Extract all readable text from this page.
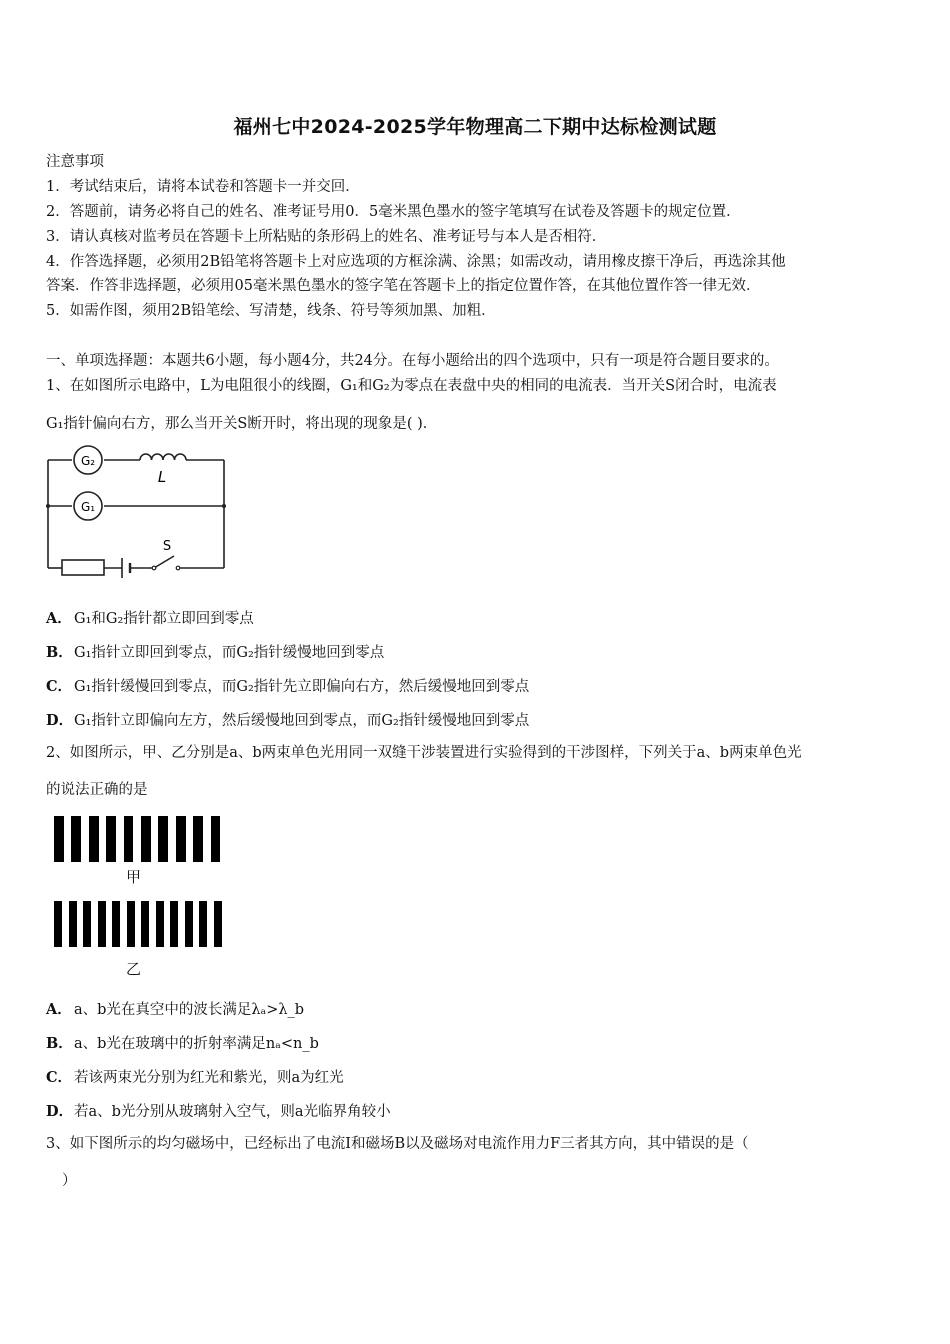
福州七中2024-2025学年物理高二下期中达标检测试题
注意事项
1．考试结束后，请将本试卷和答题卡一并交回．
2．答题前，请务必将自己的姓名、准考证号用0．5毫米黑色墨水的签字笔填写在试卷及答题卡的规定位置．
3．请认真核对监考员在答题卡上所粘贴的条形码上的姓名、准考证号与本人是否相符．
4．作答选择题，必须用2B铅笔将答题卡上对应选项的方框涂满、涂黑；如需改动，请用橡皮擦干净后，再选涂其他
答案．作答非选择题，必须用05毫米黑色墨水的签字笔在答题卡上的指定位置作答，在其他位置作答一律无效．
5．如需作图，须用2B铅笔绘、写清楚，线条、符号等须加黑、加粗．
一、单项选择题：本题共6小题，每小题4分，共24分。在每小题给出的四个选项中，只有一项是符合题目要求的。
1、在如图所示电路中，L为电阻很小的线圈，G₁和G₂为零点在表盘中央的相同的电流表．当开关S闭合时，电流表
G₁指针偏向右方，那么当开关S断开时，将出现的现象是( )．
G₂
G₁
L
S
A． G₁和G₂指针都立即回到零点
B．G₁指针立即回到零点，而G₂指针缓慢地回到零点
C． G₁指针缓慢回到零点，而G₂指针先立即偏向右方，然后缓慢地回到零点
D．G₁指针立即偏向左方，然后缓慢地回到零点，而G₂指针缓慢地回到零点
2、如图所示，甲、乙分别是a、b两束单色光用同一双缝干涉装置进行实验得到的干涉图样，下列关于a、b两束单色光
的说法正确的是
甲
乙
A． a、b光在真空中的波长满足λₐ>λ_b
B．a、b光在玻璃中的折射率满足nₐ<n_b
C． 若该两束光分别为红光和紫光，则a为红光
D．若a、b光分别从玻璃射入空气，则a光临界角较小
3、如下图所示的均匀磁场中，已经标出了电流I和磁场B以及磁场对电流作用力F三者其方向，其中错误的是（
）
